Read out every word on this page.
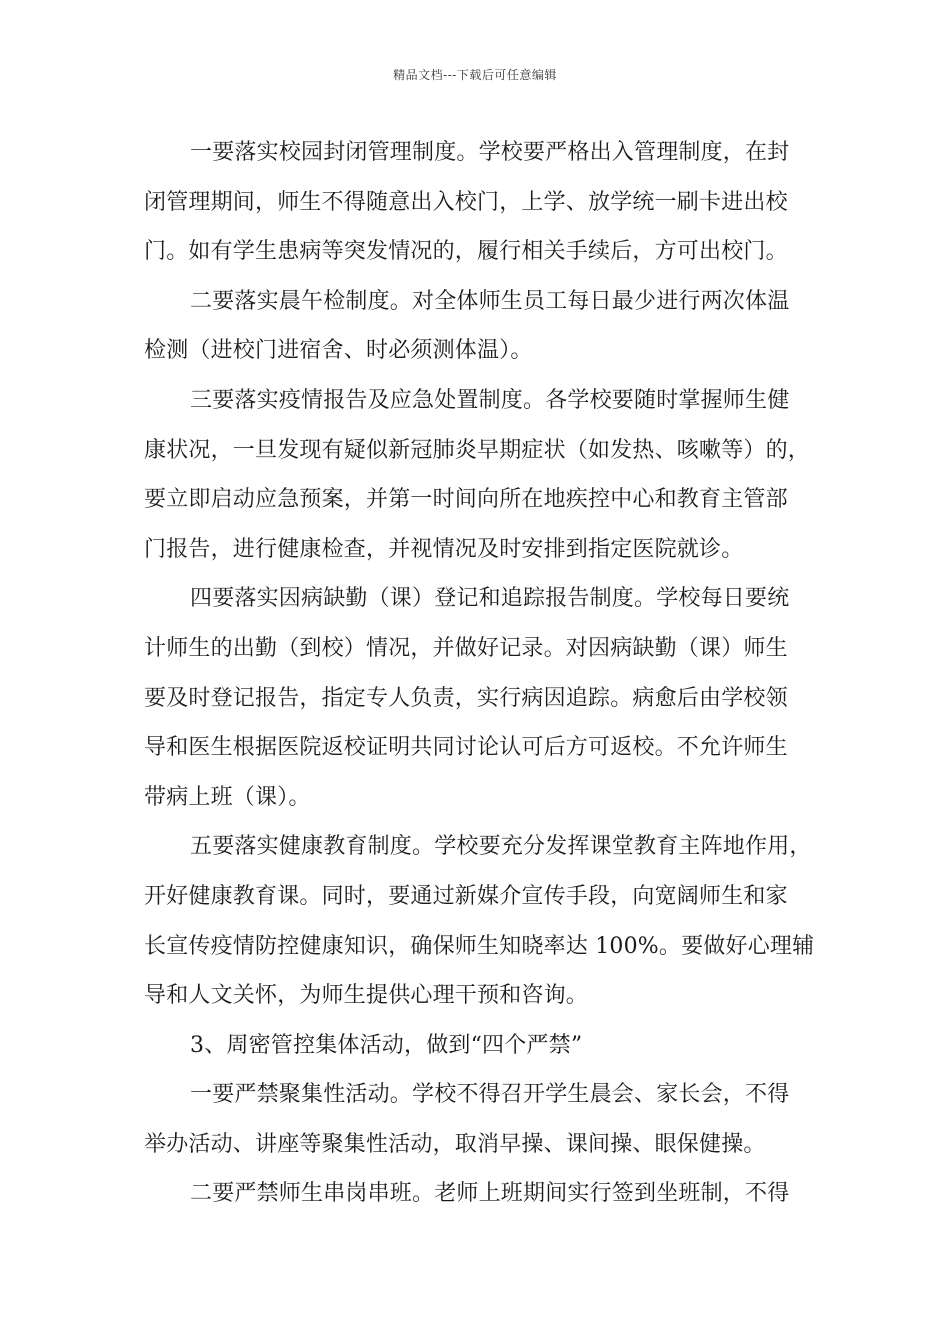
精品文档---下载后可任意编辑
一要落实校园封闭管理制度。学校要严格出入管理制度，在封
闭管理期间，师生不得随意出入校门，上学、放学统一刷卡进出校
门。如有学生患病等突发情况的，履行相关手续后，方可出校门。
二要落实晨午检制度。对全体师生员工每日最少进行两次体温
检测（进校门进宿舍、时必须测体温）。
三要落实疫情报告及应急处置制度。各学校要随时掌握师生健
康状况，一旦发现有疑似新冠肺炎早期症状（如发热、咳嗽等）的，
要立即启动应急预案，并第一时间向所在地疾控中心和教育主管部
门报告，进行健康检查，并视情况及时安排到指定医院就诊。
四要落实因病缺勤（课）登记和追踪报告制度。学校每日要统
计师生的出勤（到校）情况，并做好记录。对因病缺勤（课）师生
要及时登记报告，指定专人负责，实行病因追踪。病愈后由学校领
导和医生根据医院返校证明共同讨论认可后方可返校。不允许师生
带病上班（课）。
五要落实健康教育制度。学校要充分发挥课堂教育主阵地作用，
开好健康教育课。同时，要通过新媒介宣传手段，向宽阔师生和家
长宣传疫情防控健康知识，确保师生知晓率达 100%。要做好心理辅
导和人文关怀，为师生提供心理干预和咨询。
3、周密管控集体活动，做到“四个严禁”
一要严禁聚集性活动。学校不得召开学生晨会、家长会，不得
举办活动、讲座等聚集性活动，取消早操、课间操、眼保健操。
二要严禁师生串岗串班。老师上班期间实行签到坐班制，不得
